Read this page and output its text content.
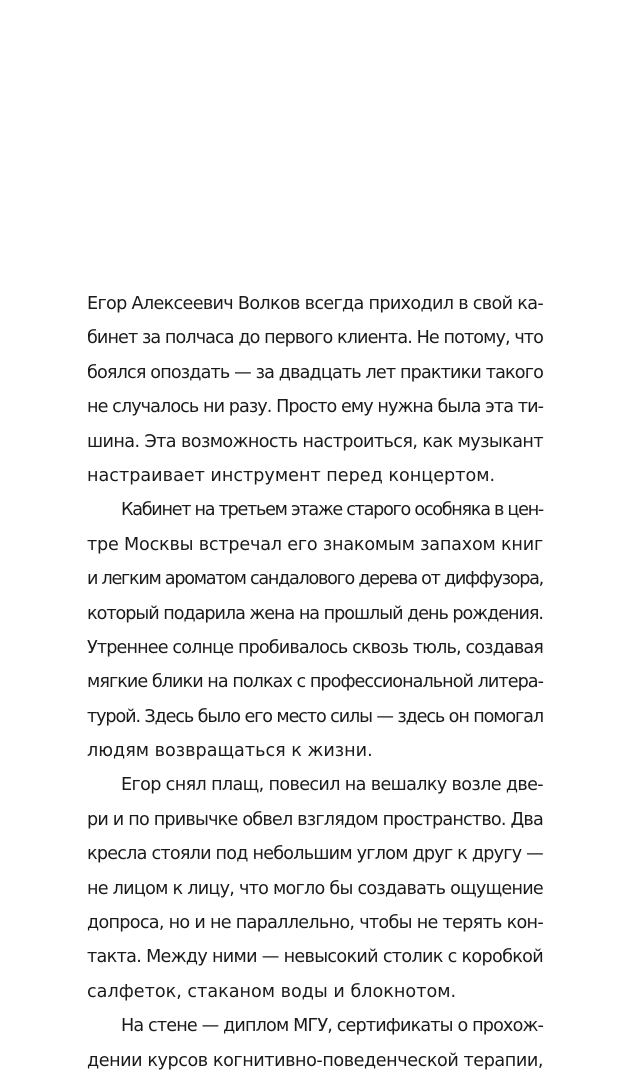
Егор Алексеевич Волков всегда приходил в свой ка-
бинет за полчаса до первого клиента. Не потому, что
боялся опоздать — за двадцать лет практики такого
не случалось ни разу. Просто ему нужна была эта ти-
шина. Эта возможность настроиться, как музыкант
настраивает инструмент перед концертом.
Кабинет на третьем этаже старого особняка в цен-
тре Москвы встречал его знакомым запахом книг
и легким ароматом сандалового дерева от диффузора,
который подарила жена на прошлый день рождения.
Утреннее солнце пробивалось сквозь тюль, создавая
мягкие блики на полках с профессиональной литера-
турой. Здесь было его место силы — здесь он помогал
людям возвращаться к жизни.
Егор снял плащ, повесил на вешалку возле две-
ри и по привычке обвел взглядом пространство. Два
кресла стояли под небольшим углом друг к другу —
не лицом к лицу, что могло бы создавать ощущение
допроса, но и не параллельно, чтобы не терять кон-
такта. Между ними — невысокий столик с коробкой
салфеток, стаканом воды и блокнотом.
На стене — диплом МГУ, сертификаты о прохож-
дении курсов когнитивно-поведенческой терапии,
